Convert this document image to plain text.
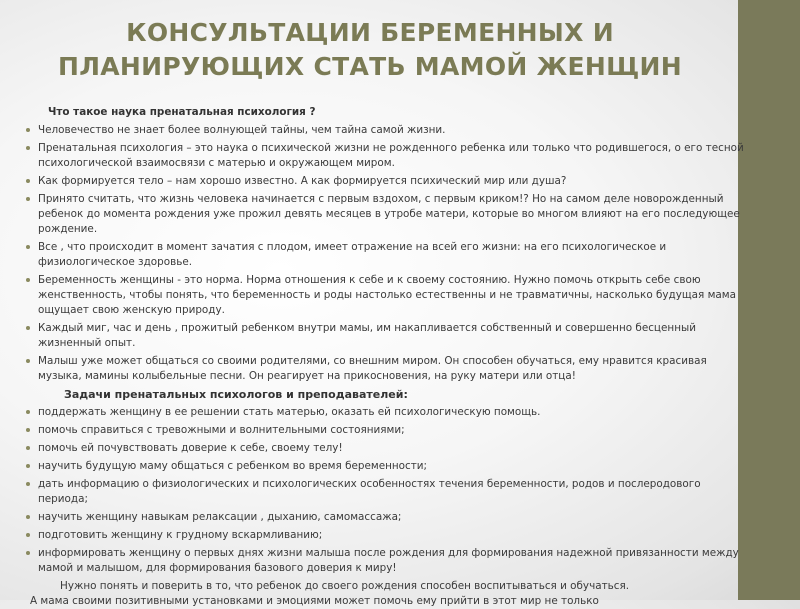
КОНСУЛЬТАЦИИ БЕРЕМЕННЫХ И ПЛАНИРУЮЩИХ СТАТЬ МАМОЙ ЖЕНЩИН
Что такое наука пренатальная психология ?
Человечество не знает более волнующей тайны, чем тайна самой жизни.
Пренатальная психология – это наука о психической жизни не рожденного ребенка или только что родившегося, о его тесной психологической взаимосвязи с матерью и окружающем миром.
Как формируется тело – нам хорошо известно. А как формируется психический мир или душа?
Принято считать, что жизнь человека начинается с первым вздохом, с первым криком!? Но на самом деле новорожденный ребенок до момента рождения уже прожил девять месяцев в утробе матери, которые во многом влияют на его последующее рождение.
Все , что происходит в момент зачатия с плодом, имеет отражение на всей его жизни: на его психологическое и физиологическое здоровье.
Беременность женщины - это норма. Норма отношения к себе и к своему состоянию. Нужно помочь открыть себе свою женственность, чтобы понять, что беременность и роды настолько естественны и не травматичны, насколько будущая мама ощущает свою женскую природу.
Каждый миг, час и день , прожитый ребенком внутри мамы, им накапливается собственный и совершенно бесценный жизненный опыт.
Малыш уже может общаться со своими родителями, со внешним миром. Он способен обучаться, ему нравится красивая музыка, мамины колыбельные песни. Он реагирует на прикосновения, на руку матери или отца!
Задачи пренатальных психологов и преподавателей:
поддержать женщину в ее решении стать матерью, оказать ей психологическую помощь.
помочь справиться с тревожными и волнительными состояниями;
помочь ей почувствовать доверие к себе, своему телу!
научить будущую маму общаться с ребенком во время беременности;
дать информацию о физиологических и психологических особенностях течения беременности, родов и послеродового периода;
научить женщину навыкам релаксации , дыханию, самомассажа;
подготовить женщину к грудному вскармливанию;
информировать женщину о первых днях жизни малыша после рождения для формирования надежной привязанности между мамой и малышом, для формирования базового доверия к миру!

Нужно понять и поверить в то, что ребенок до своего рождения способен воспитываться и обучаться.

А мама своими позитивными установками и эмоциями может помочь ему прийти в этот мир не только
